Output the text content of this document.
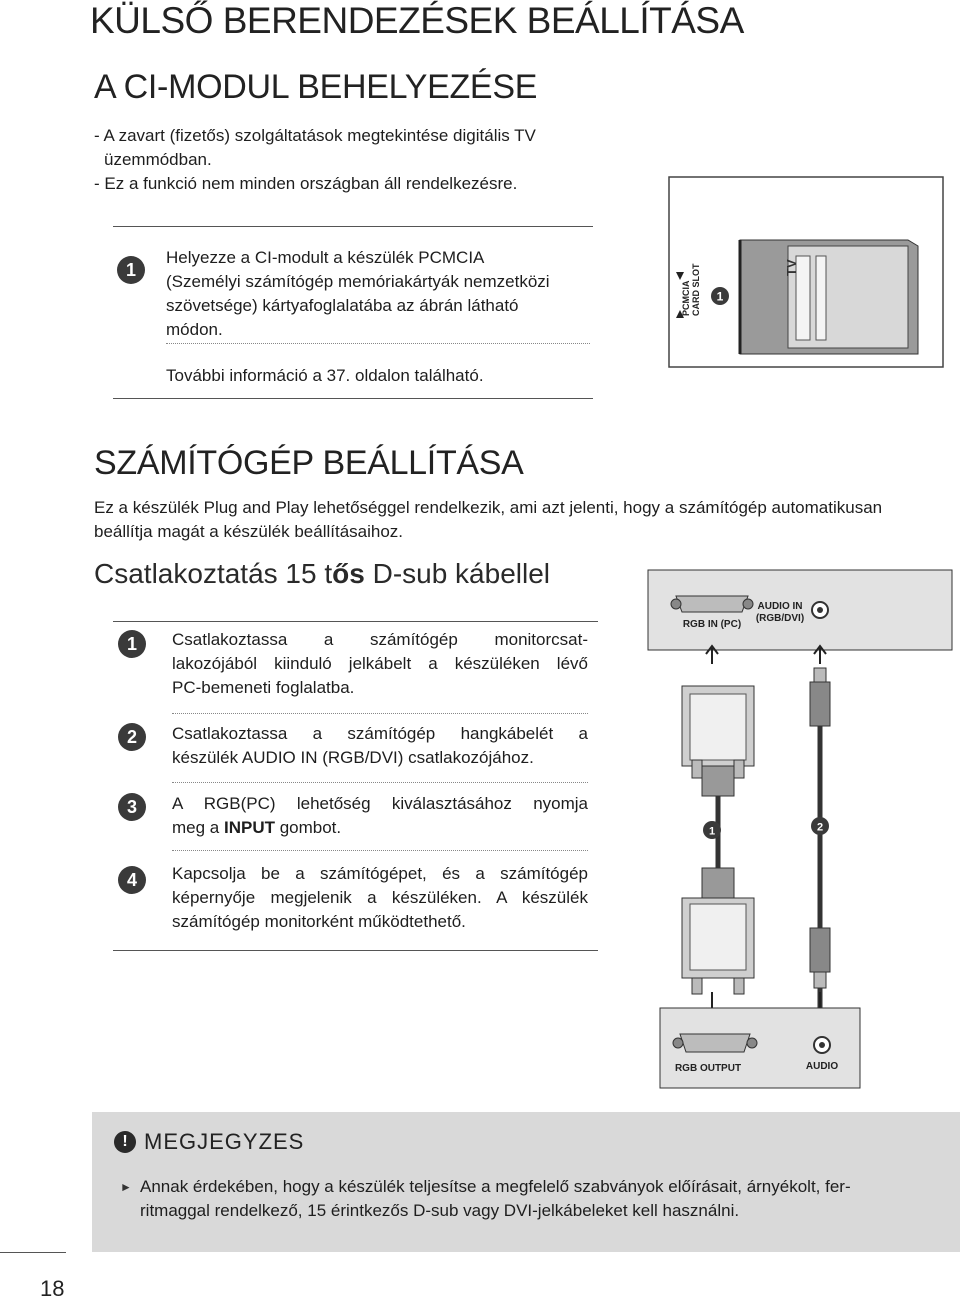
KÜLSŐ BERENDEZÉSEK BEÁLLÍTÁSA
A CI-MODUL BEHELYEZÉSE
- A zavart (fizetős) szolgáltatások megtekintése digitális TV
üzemmódban.
- Ez a funkció nem minden országban áll rendelkezésre.
1
Helyezze a CI-modult a készülék PCMCIA
(Személyi számítógép memóriakártyák nemzetközi
szövetsége) kártyafoglalatába az ábrán látható
módon.
További információ a 37. oldalon található.
TV
PCMCIA CARD SLOT 1
SZÁMÍTÓGÉP BEÁLLÍTÁSA
Ez a készülék Plug and Play lehetőséggel rendelkezik, ami azt jelenti, hogy a számítógép automatikusan
beállítja magát a készülék beállításaihoz.
Csatlakoztatás 15 tős D-sub kábellel
1	Csatlakoztassa a számítógép monitorcsat-
lakozójából kiinduló jelkábelt a készüléken lévő
PC-bemeneti foglalatba.
2	Csatlakoztassa a számítógép hangkábelét a
készülék AUDIO IN (RGB/DVI) csatlakozójához.
3	A RGB(PC) lehetőség kiválasztásához nyomja
meg a INPUT gombot.
4	Kapcsolja be a számítógépet, és a számítógép
képernyője megjelenik a készüléken. A készülék
számítógép monitorként működtethető.
RGB IN (PC)
AUDIO IN
(RGB/DVI)
1	2
RGB OUTPUT	AUDIO
! MEGJEGYZES
► Annak érdekében, hogy a készülék teljesítse a megfelelő szabványok előírásait, árnyékolt, fer-
ritmaggal rendelkező, 15 érintkezős D-sub vagy DVI-jelkábeleket kell használni.
18
